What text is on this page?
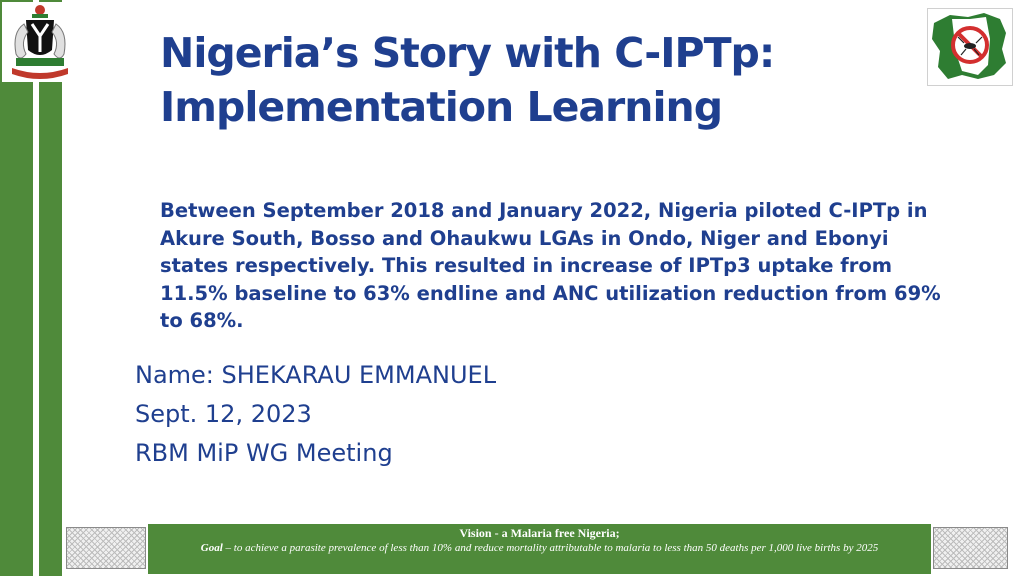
Nigeria’s Story with C-IPTp:
Implementation Learning
Between September 2018 and January 2022, Nigeria piloted C-IPTp in Akure South, Bosso and Ohaukwu LGAs in Ondo, Niger and Ebonyi states respectively. This resulted in increase of IPTp3 uptake from 11.5% baseline to 63% endline and ANC utilization reduction from 69% to 68%.
Name: SHEKARAU EMMANUEL
Sept. 12, 2023
RBM MiP WG Meeting
Vision - a Malaria free Nigeria;
Goal – to achieve a parasite prevalence of less than 10% and reduce mortality attributable to malaria to less than 50 deaths per 1,000 live births by 2025
